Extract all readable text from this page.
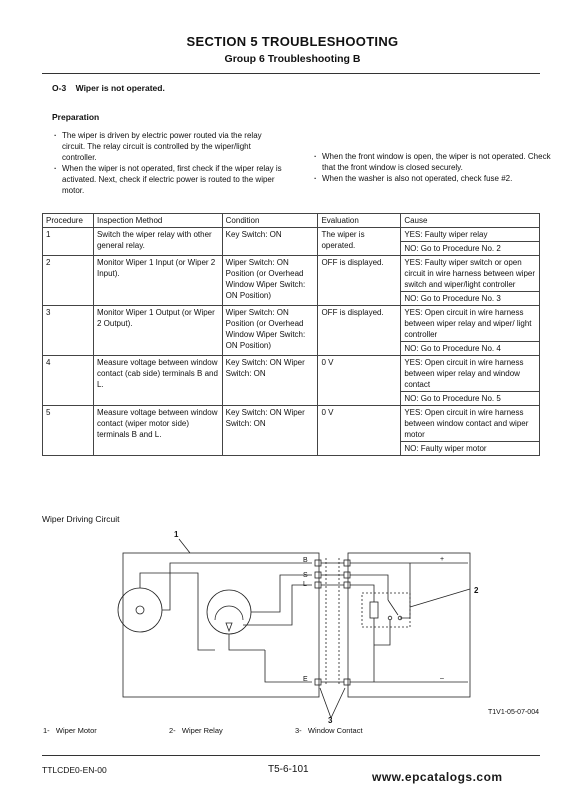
SECTION 5 TROUBLESHOOTING
Group 6 Troubleshooting B
O-3    Wiper is not operated.
Preparation
· The wiper is driven by electric power routed via the relay circuit. The relay circuit is controlled by the wiper/light controller.
· When the wiper is not operated, first check if the wiper relay is activated. Next, check if electric power is routed to the wiper motor.
· When the front window is open, the wiper is not operated. Check that the front window is closed securely.
· When the washer is also not operated, check fuse #2.
Procedure	Inspection Method	Condition	Evaluation	Cause
1	Switch the wiper relay with other general relay.	Key Switch: ON	The wiper is operated.	YES: Faulty wiper relay
				NO: Go to Procedure No. 2
2	Monitor Wiper 1 Input (or Wiper 2 Input).	Wiper Switch: ON Position (or Overhead Window Wiper Switch: ON Position)	OFF is displayed.	YES: Faulty wiper switch or open circuit in wire harness between wiper switch and wiper/light controller
				NO: Go to Procedure No. 3
3	Monitor Wiper 1 Output (or Wiper 2 Output).	Wiper Switch: ON Position (or Overhead Window Wiper Switch: ON Position)	OFF is displayed.	YES: Open circuit in wire harness between wiper relay and wiper/ light controller
				NO: Go to Procedure No. 4
4	Measure voltage between window contact (cab side) terminals B and L.	Key Switch: ON Wiper Switch: ON	0 V	YES: Open circuit in wire harness between wiper relay and window contact
				NO: Go to Procedure No. 5
5	Measure voltage between window contact (wiper motor side) terminals B and L.	Key Switch: ON Wiper Switch: ON	0 V	YES: Open circuit in wire harness between window contact and wiper motor
				NO: Faulty wiper motor
Wiper Driving Circuit
B
S
L
E
+
–
1
2
3
T1V1-05-07-004
1-   Wiper Motor	2-   Wiper Relay	3-   Window Contact
TTLCDE0-EN-00	T5-6-101
www.epcatalogs.com
